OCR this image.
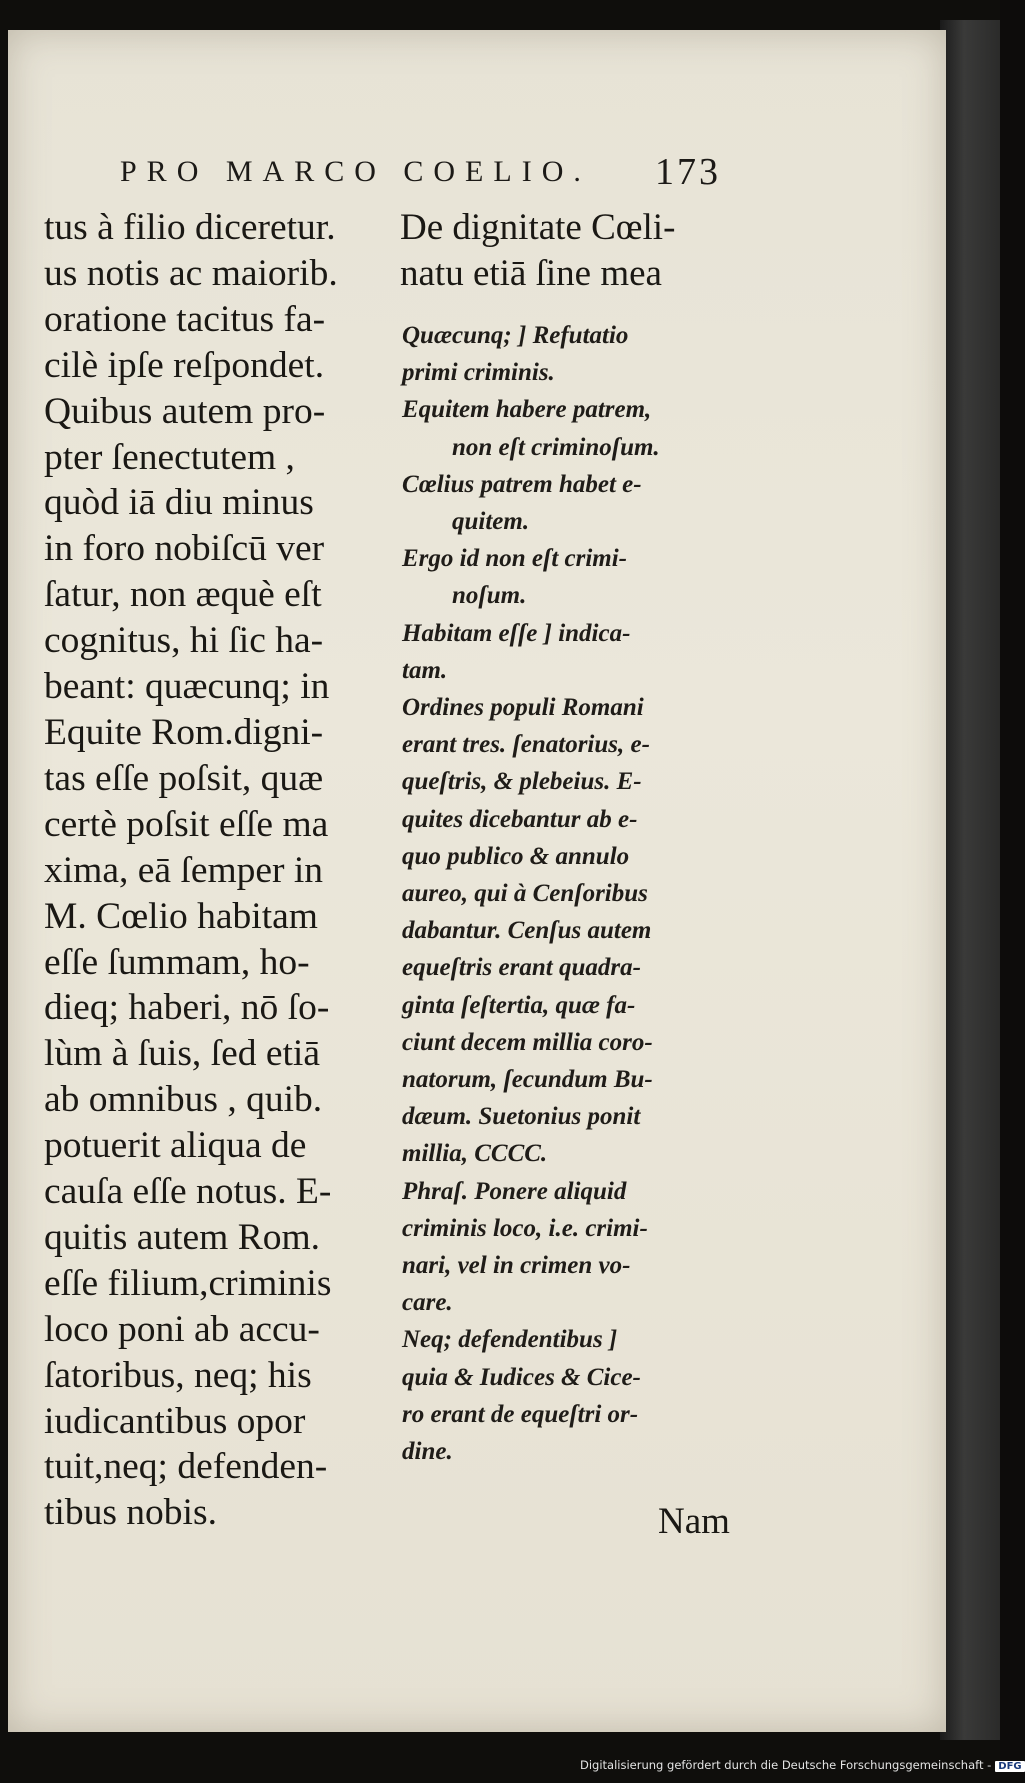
PRO MARCO COELIO.	173
tus à filio diceretur.
us notis ac maiorib.
oratione tacitus fa-
cilè ipſe reſpondet.
Quibus autem pro-
pter ſenectutem ,
quòd iā diu minus
in foro nobiſcū ver
ſatur, non æquè eſt
cognitus, hi ſic ha-
beant: quæcunq; in
Equite Rom.digni-
tas eſſe poſsit, quæ
certè poſsit eſſe ma
xima, eā ſemper in
M. Cœlio habitam
eſſe ſummam, ho-
dieq; haberi, nō ſo-
lùm à ſuis, ſed etiā
ab omnibus , quib.
potuerit aliqua de
cauſa eſſe notus. E-
quitis autem Rom.
eſſe filium,criminis
loco poni ab accu-
ſatoribus, neq; his
iudicantibus opor
tuit,neq; defenden-
tibus nobis.
De dignitate Cœli-
natu etiā ſine mea
Quæcunq; ] Refutatio
primi criminis.
Equitem habere patrem,
non eſt criminoſum.
Cœlius patrem habet e-
quitem.
Ergo id non eſt crimi-
noſum.
Habitam eſſe ] indica-
tam.
Ordines populi Romani
erant tres. ſenatorius, e-
queſtris, & plebeius. E-
quites dicebantur ab e-
quo publico & annulo
aureo, qui à Cenſoribus
dabantur. Cenſus autem
equeſtris erant quadra-
ginta ſeſtertia, quæ fa-
ciunt decem millia coro-
natorum, ſecundum Bu-
dæum. Suetonius ponit
millia, CCCC.
Phraſ. Ponere aliquid
criminis loco, i.e. crimi-
nari, vel in crimen vo-
care.
Neq; defendentibus ]
quia & Iudices & Cice-
ro erant de equeſtri or-
dine.
Nam
Digitalisierung gefördert durch die Deutsche Forschungsgemeinschaft - DFG
